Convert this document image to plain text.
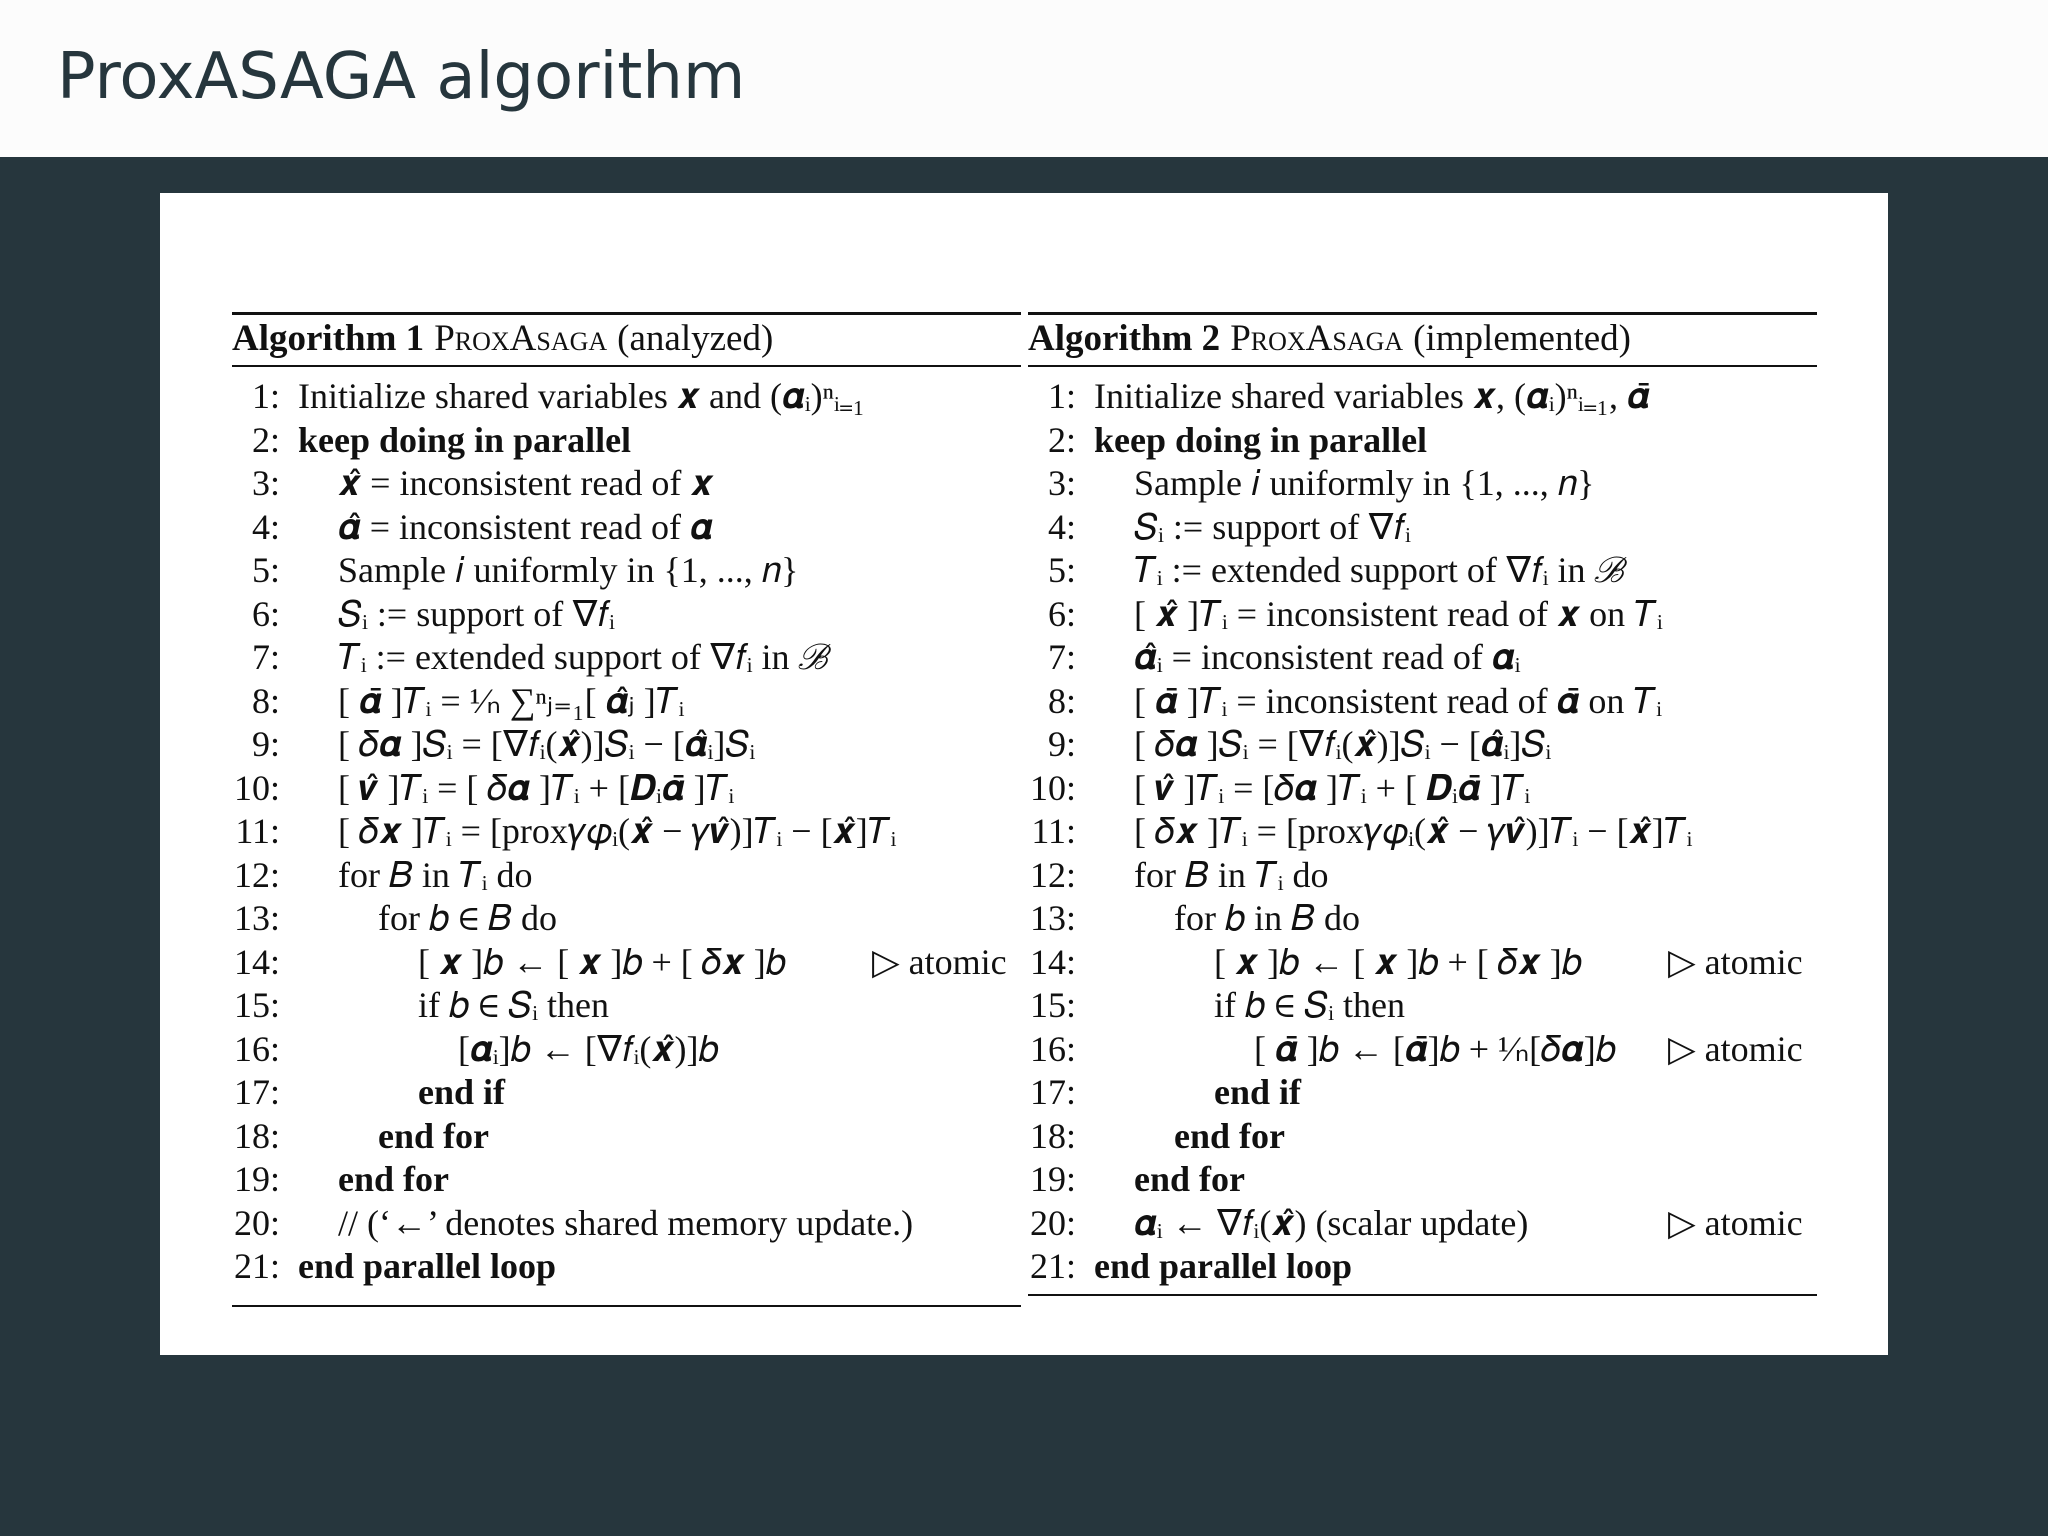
ProxASAGA algorithm
Algorithm 1 ProxAsaga (analyzed)
1: Initialize shared variables 𝒙 and (𝜶ᵢ)ⁿᵢ₌₁
2: keep doing in parallel
3: 𝒙̂ = inconsistent read of 𝒙
4: 𝜶̂ = inconsistent read of 𝜶
5: Sample 𝑖 uniformly in {1, ..., 𝑛}
6: 𝑆ᵢ := support of ∇𝑓ᵢ
7: 𝑇ᵢ := extended support of ∇𝑓ᵢ in ℬ
8: [ 𝜶̄ ]𝑇ᵢ = ¹⁄ₙ ∑ⁿⱼ₌₁[ 𝜶̂ⱼ ]𝑇ᵢ
9: [ 𝛿𝜶 ]𝑆ᵢ = [∇𝑓ᵢ(𝒙̂)]𝑆ᵢ − [𝜶̂ᵢ]𝑆ᵢ
10: [ 𝒗̂ ]𝑇ᵢ = [ 𝛿𝜶 ]𝑇ᵢ + [𝑫ᵢ𝜶̄ ]𝑇ᵢ
11: [ 𝛿𝒙 ]𝑇ᵢ = [prox𝛾𝜑ᵢ(𝒙̂ − 𝛾𝒗̂)]𝑇ᵢ − [𝒙̂]𝑇ᵢ
12: for 𝐵 in 𝑇ᵢ do
13:	for 𝑏 ∈ 𝐵 do
14:	[ 𝒙 ]𝑏 ← [ 𝒙 ]𝑏 + [ 𝛿𝒙 ]𝑏 ▷ atomic
15:	if 𝑏 ∈ 𝑆ᵢ then
16:	[𝜶ᵢ]𝑏 ← [∇𝑓ᵢ(𝒙̂)]𝑏
17:	end if
18:	end for
19: end for
20: // (‘←’ denotes shared memory update.)
21: end parallel loop
Algorithm 2 ProxAsaga (implemented)
1: Initialize shared variables 𝒙, (𝜶ᵢ)ⁿᵢ₌₁, 𝜶̄
2: keep doing in parallel
3: Sample 𝑖 uniformly in {1, ..., 𝑛}
4: 𝑆ᵢ := support of ∇𝑓ᵢ
5: 𝑇ᵢ := extended support of ∇𝑓ᵢ in ℬ
6: [ 𝒙̂ ]𝑇ᵢ = inconsistent read of 𝒙 on 𝑇ᵢ
7: 𝜶̂ᵢ = inconsistent read of 𝜶ᵢ
8: [ 𝜶̄ ]𝑇ᵢ = inconsistent read of 𝜶̄ on 𝑇ᵢ
9: [ 𝛿𝜶 ]𝑆ᵢ = [∇𝑓ᵢ(𝒙̂)]𝑆ᵢ − [𝜶̂ᵢ]𝑆ᵢ
10: [ 𝒗̂ ]𝑇ᵢ = [𝛿𝜶 ]𝑇ᵢ + [ 𝑫ᵢ𝜶̄ ]𝑇ᵢ
11: [ 𝛿𝒙 ]𝑇ᵢ = [prox𝛾𝜑ᵢ(𝒙̂ − 𝛾𝒗̂)]𝑇ᵢ − [𝒙̂]𝑇ᵢ
12: for 𝐵 in 𝑇ᵢ do
13:	for 𝑏 in 𝐵 do
14:	[ 𝒙 ]𝑏 ← [ 𝒙 ]𝑏 + [ 𝛿𝒙 ]𝑏 ▷ atomic
15:	if 𝑏 ∈ 𝑆ᵢ then
16:	[ 𝜶̄ ]𝑏 ← [𝜶̄]𝑏 + ¹⁄ₙ[𝛿𝜶]𝑏 ▷ atomic
17:	end if
18:	end for
19: end for
20: 𝜶ᵢ ← ∇𝑓ᵢ(𝒙̂) (scalar update)	▷ atomic
21: end parallel loop
